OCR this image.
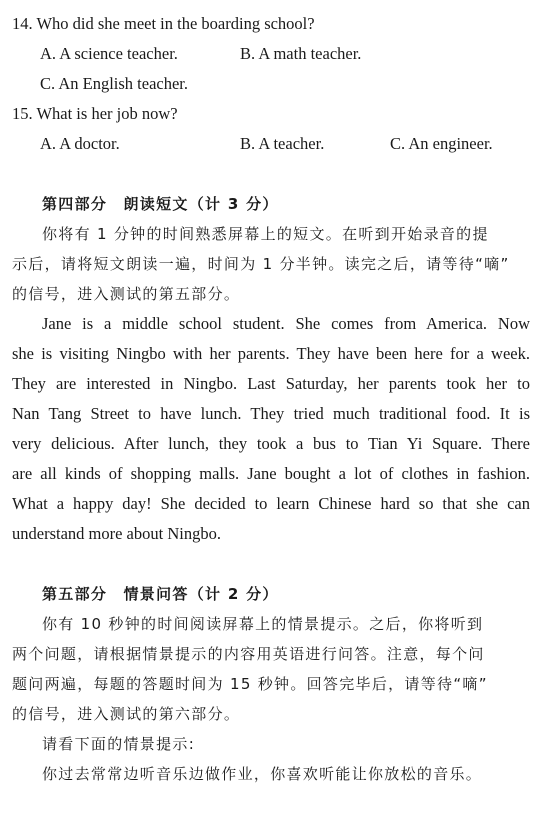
14. Who did she meet in the boarding school?
A. A science teacher.	B. A math teacher.
C. An English teacher.
15. What is her job now?
A. A doctor.	B. A teacher.	C. An engineer.
第四部分　朗读短文（计 3 分）
你将有 1 分钟的时间熟悉屏幕上的短文。在听到开始录音的提
示后，请将短文朗读一遍，时间为 1 分半钟。读完之后，请等待“嘀”
的信号，进入测试的第五部分。
Jane is a middle school student. She comes from America. Now
she is visiting Ningbo with her parents. They have been here for a week.
They are interested in Ningbo. Last Saturday, her parents took her to
Nan Tang Street to have lunch. They tried much traditional food. It is
very delicious. After lunch, they took a bus to Tian Yi Square. There
are all kinds of shopping malls. Jane bought a lot of clothes in fashion.
What a happy day! She decided to learn Chinese hard so that she can
understand more about Ningbo.
第五部分　情景问答（计 2 分）
你有 10 秒钟的时间阅读屏幕上的情景提示。之后，你将听到
两个问题，请根据情景提示的内容用英语进行问答。注意，每个问
题问两遍，每题的答题时间为 15 秒钟。回答完毕后，请等待“嘀”
的信号，进入测试的第六部分。
请看下面的情景提示:
你过去常常边听音乐边做作业，你喜欢听能让你放松的音乐。
